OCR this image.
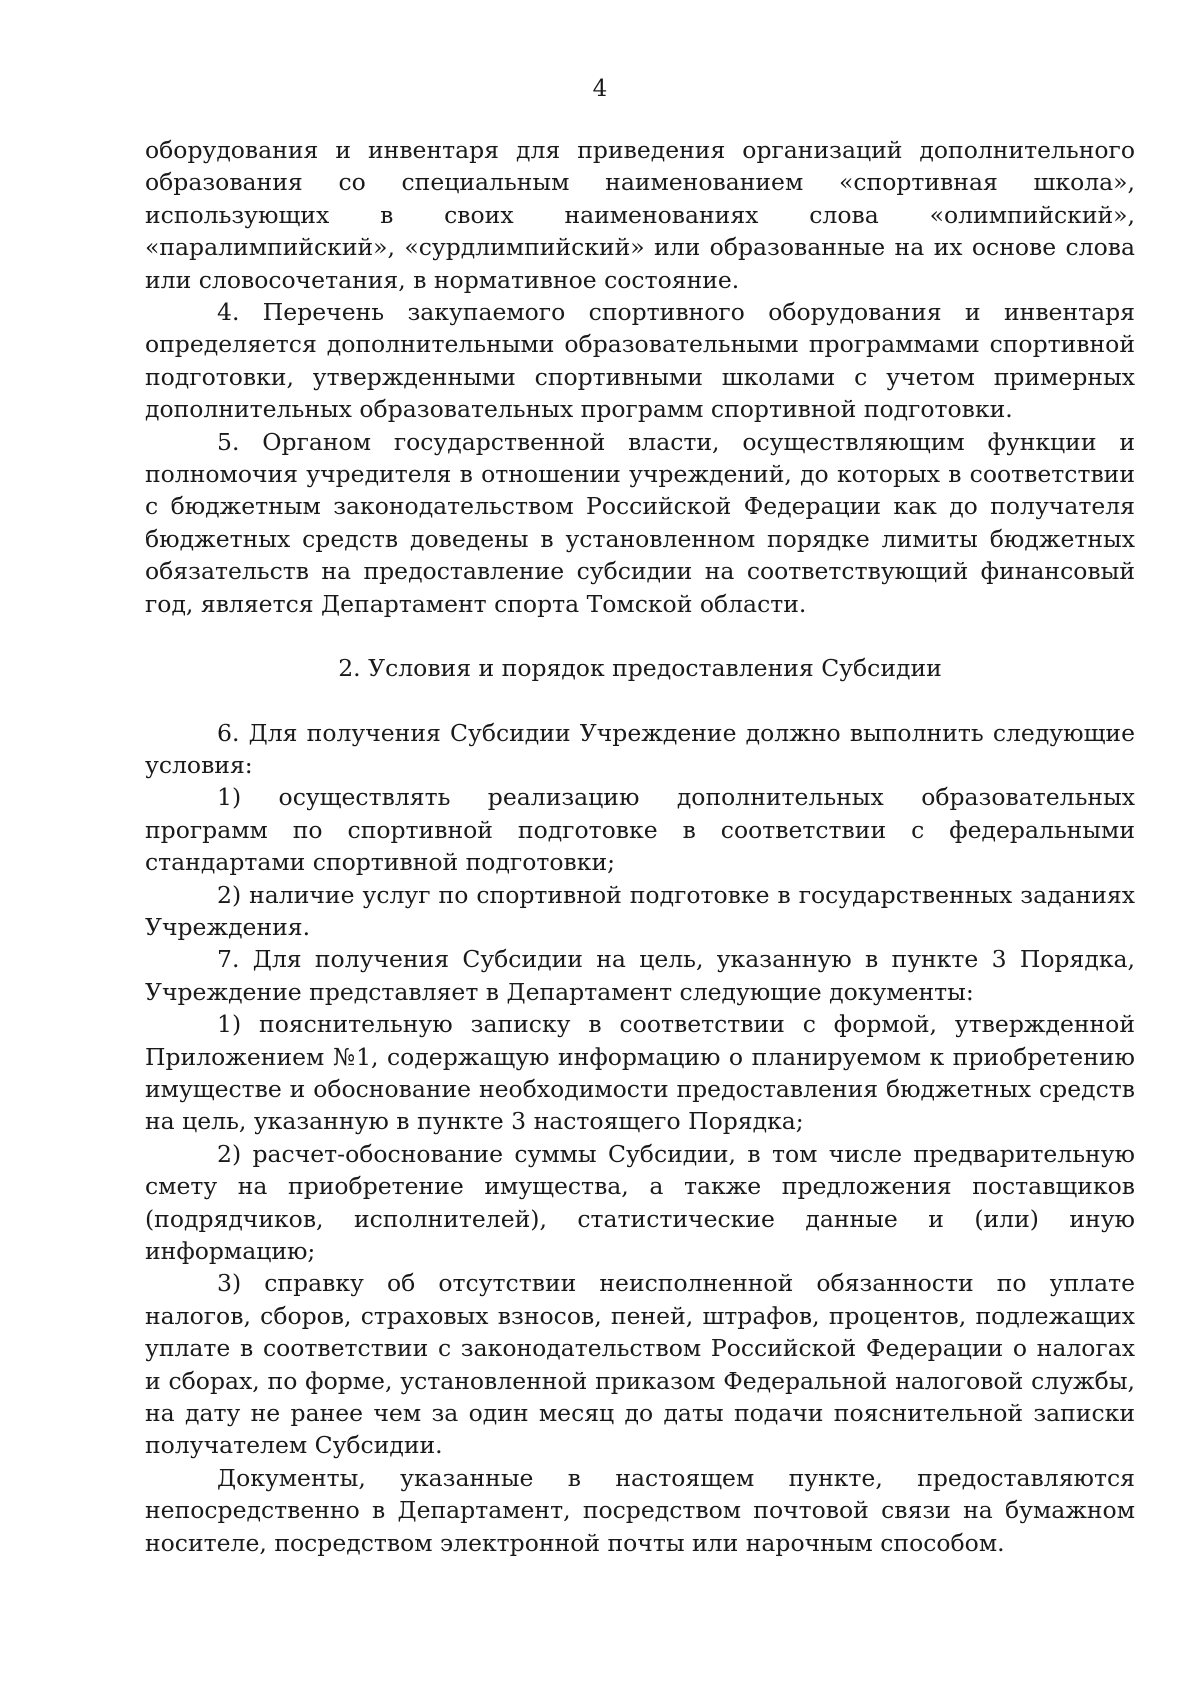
4

оборудования и инвентаря для приведения организаций дополнительного образования со специальным наименованием «спортивная школа», использующих в своих наименованиях слова «олимпийский», «паралимпийский», «сурдлимпийский» или образованные на их основе слова или словосочетания, в нормативное состояние.

4. Перечень закупаемого спортивного оборудования и инвентаря определяется дополнительными образовательными программами спортивной подготовки, утвержденными спортивными школами с учетом примерных дополнительных образовательных программ спортивной подготовки.

5. Органом государственной власти, осуществляющим функции и полномочия учредителя в отношении учреждений, до которых в соответствии с бюджетным законодательством Российской Федерации как до получателя бюджетных средств доведены в установленном порядке лимиты бюджетных обязательств на предоставление субсидии на соответствующий финансовый год, является Департамент спорта Томской области.

2. Условия и порядок предоставления Субсидии

6. Для получения Субсидии Учреждение должно выполнить следующие условия:

1) осуществлять реализацию дополнительных образовательных программ по спортивной подготовке в соответствии с федеральными стандартами спортивной подготовки;

2) наличие услуг по спортивной подготовке в государственных заданиях Учреждения.

7. Для получения Субсидии на цель, указанную в пункте 3 Порядка, Учреждение представляет в Департамент следующие документы:

1) пояснительную записку в соответствии с формой, утвержденной Приложением №1, содержащую информацию о планируемом к приобретению имуществе и обоснование необходимости предоставления бюджетных средств на цель, указанную в пункте 3 настоящего Порядка;

2) расчет-обоснование суммы Субсидии, в том числе предварительную смету на приобретение имущества, а также предложения поставщиков (подрядчиков, исполнителей), статистические данные и (или) иную информацию;

3) справку об отсутствии неисполненной обязанности по уплате налогов, сборов, страховых взносов, пеней, штрафов, процентов, подлежащих уплате в соответствии с законодательством Российской Федерации о налогах и сборах, по форме, установленной приказом Федеральной налоговой службы, на дату не ранее чем за один месяц до даты подачи пояснительной записки получателем Субсидии.

Документы, указанные в настоящем пункте, предоставляются непосредственно в Департамент, посредством почтовой связи на бумажном носителе, посредством электронной почты или нарочным способом.
